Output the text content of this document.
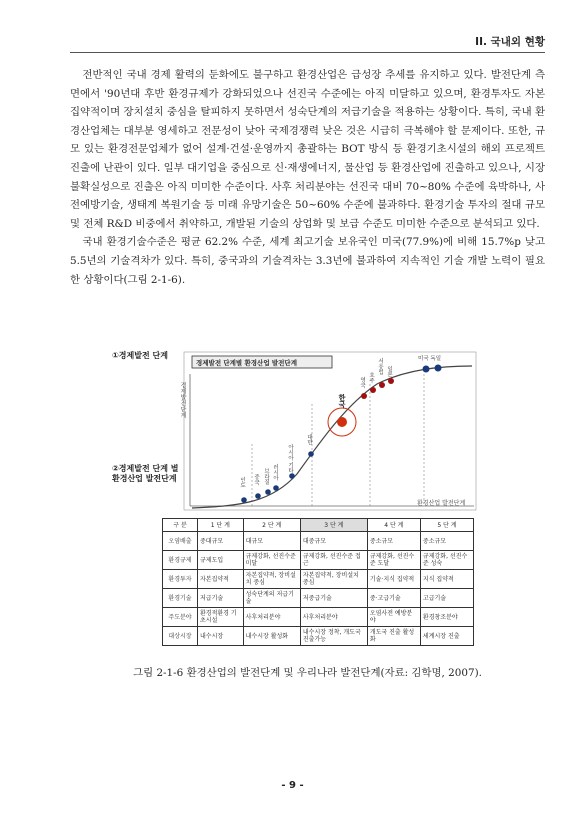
II. 국내외 현황

전반적인 국내 경제 활력의 둔화에도 불구하고 환경산업은 급성장 추세를 유지하고 있다. 발전단계 측면에서 '90년대 후반 환경규제가 강화되었으나 선진국 수준에는 아직 미달하고 있으며, 환경투자도 자본집약적이며 장치설치 중심을 탈피하지 못하면서 성숙단계의 저급기술을 적용하는 상황이다. 특히, 국내 환경산업체는 대부분 영세하고 전문성이 낮아 국제경쟁력 낮은 것은 시급히 극복해야 할 문제이다. 또한, 규모 있는 환경전문업체가 없어 설계·건설·운영까지 총괄하는 BOT 방식 등 환경기초시설의 해외 프로젝트 진출에 난관이 있다. 일부 대기업을 중심으로 신·재생에너지, 물산업 등 환경산업에 진출하고 있으나, 시장 불확실성으로 진출은 아직 미미한 수준이다. 사후 처리분야는 선진국 대비 70~80% 수준에 육박하나, 사전예방기술, 생태계 복원기술 등 미래 유망기술은 50~60% 수준에 불과하다. 환경기술 투자의 절대 규모 및 전체 R&D 비중에서 취약하고, 개발된 기술의 상업화 및 보급 수준도 미미한 수준으로 분석되고 있다.

국내 환경기술수준은 평균 62.2% 수준, 세계 최고기술 보유국인 미국(77.9%)에 비해 15.7%p 낮고 5.5년의 기술격차가 있다. 특히, 중국과의 기술격차는 3.3년에 불과하여 지속적인 기술 개발 노력이 필요한 상황이다(그림 2-1-6).

①경제발전 단계
②경제발전 단계 별 환경산업 발전단계
경제발전 단계별 환경산업 발전단계
경제발전단계
환경산업 발전단계
인도 중국 브라질 러시아 아시아 기타
대만
한국
영국 호주
서유럽 일본
미국 독일
구 분	1 단 계	2 단 계	3 단 계	4 단 계	5 단 계
오염배출	중대규모	대규모	대중규모	중소규모	중소규모
환경규제	규제도입	규제강화, 선진수준미달	규제강화, 선진수준 접근	규제강화, 선진수준 도달	규제강화, 선진수준 성숙
환경투자	자본집약적	자본집약적, 장비설치 중심	자본집약적, 장비설치 중심	기술·지식 집약적	지식 집약적
환경기술	저급기술	성숙단계의 저급기술	저중급기술	중·고급기술	고급기술
주도분야	환경적환경 기초시설	사후처리분야	사후처리분야	오염사전 예방분야	환경창조분야
대상시장	내수시장	내수시장 활성화	내수시장 정착, 개도국 진출가능	개도국 진출 활성화	세계시장 진출
그림 2-1-6 환경산업의 발전단계 및 우리나라 발전단계(자료: 김학명, 2007).
- 9 -
